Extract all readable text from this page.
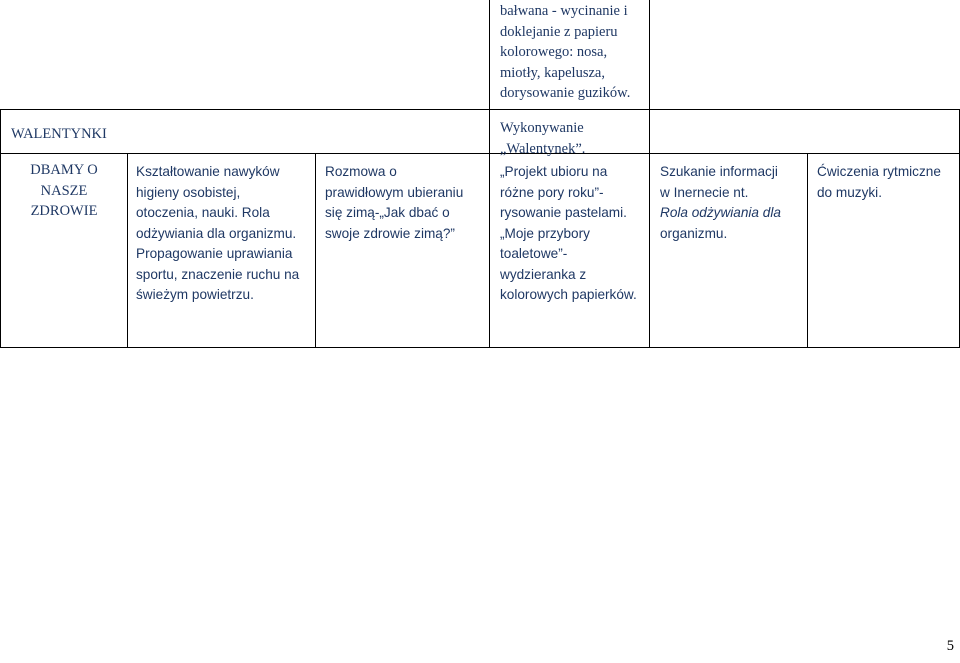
bałwana - wycinanie i
doklejanie z papieru
kolorowego: nosa,
miotły, kapelusza,
dorysowanie guzików.
WALENTYNKI	Wykonywanie
„Walentynek”.
DBAMY O
NASZE
ZDROWIE
Kształtowanie nawyków
higieny osobistej,
otoczenia, nauki. Rola
odżywiania dla organizmu.
Propagowanie uprawiania
sportu, znaczenie ruchu na
świeżym powietrzu.
Rozmowa o
prawidłowym ubieraniu
się zimą-„Jak dbać o
swoje zdrowie zimą?”
„Projekt ubioru na
różne pory roku”-
rysowanie pastelami.
„Moje przybory
toaletowe”-
wydzieranka z
kolorowych papierków.
Szukanie informacji
w Inernecie nt.
Rola odżywiania dla
organizmu.
Ćwiczenia rytmiczne
do muzyki.
5
